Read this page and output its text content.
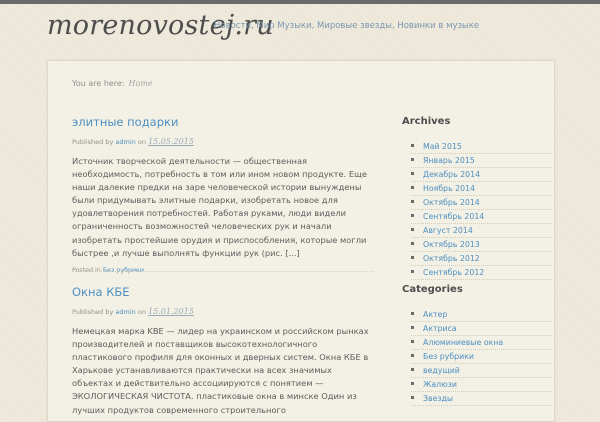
morenovostej.ru
Новости, Мир Музыки, Мировые звезды, Новинки в музыке
You are here: Home
элитные подарки
Published by admin on 15.05.2015
Источник творческой деятельности — общественная необходимость, потребность в том или ином новом продукте. Еще наши далекие предки на заре человеческой истории вынуждены были придумывать элитные подарки, изобретать новое для удовлетворения потребностей. Работая руками, люди видели ограниченность возможностей человеческих рук и начали изобретать простейшие орудия и приспособления, которые могли быстрее ,и лучше выполнять функции рук (рис. [...]
Posted in Без рубрики
Окна КБЕ
Published by admin on 15.01.2015
Немецкая марка KBE — лидер на украинском и российском рынках производителей и поставщиков высокотехнологичного пластикового профиля для оконных и дверных систем. Окна КБЕ в Харькове устанавливаются практически на всех значимых объектах и действительно ассоциируются с понятием — ЭКОЛОГИЧЕСКАЯ ЧИСТОТА. пластиковые окна в минске Один из лучших продуктов современного строительного
Archives
Май 2015
Январь 2015
Декабрь 2014
Ноябрь 2014
Октябрь 2014
Сентябрь 2014
Август 2014
Октябрь 2013
Октябрь 2012
Сентябрь 2012
Categories
Актер
Актриса
Алюминиевые окна
Без рубрики
ведущий
Жалюзи
Звезды
